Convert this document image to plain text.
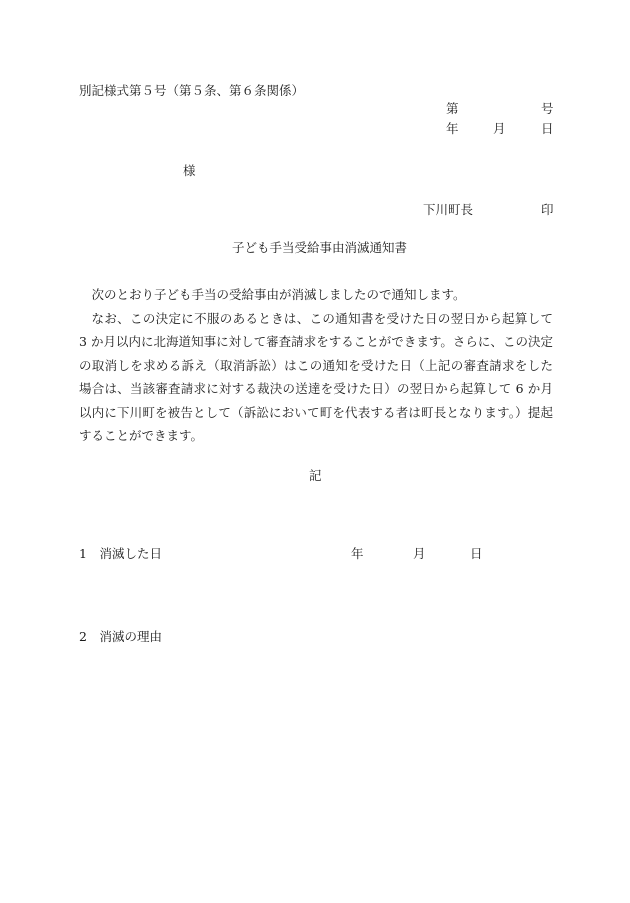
別記様式第５号（第５条、第６条関係）
第	号
年	月	日
様
下川町長	印
子ども手当受給事由消滅通知書

次のとおり子ども手当の受給事由が消滅しましたので通知します。

なお、この決定に不服のあるときは、この通知書を受けた日の翌日から起算して 3 か月以内に北海道知事に対して審査請求をすることができます。さらに、この決定の取消しを求める訴え（取消訴訟）はこの通知を受けた日（上記の審査請求をした場合は、当該審査請求に対する裁決の送達を受けた日）の翌日から起算して 6 か月以内に下川町を被告として（訴訟において町を代表する者は町長となります。）提起することができます。

記
1　消滅した日	年	月	日
2　消滅の理由
